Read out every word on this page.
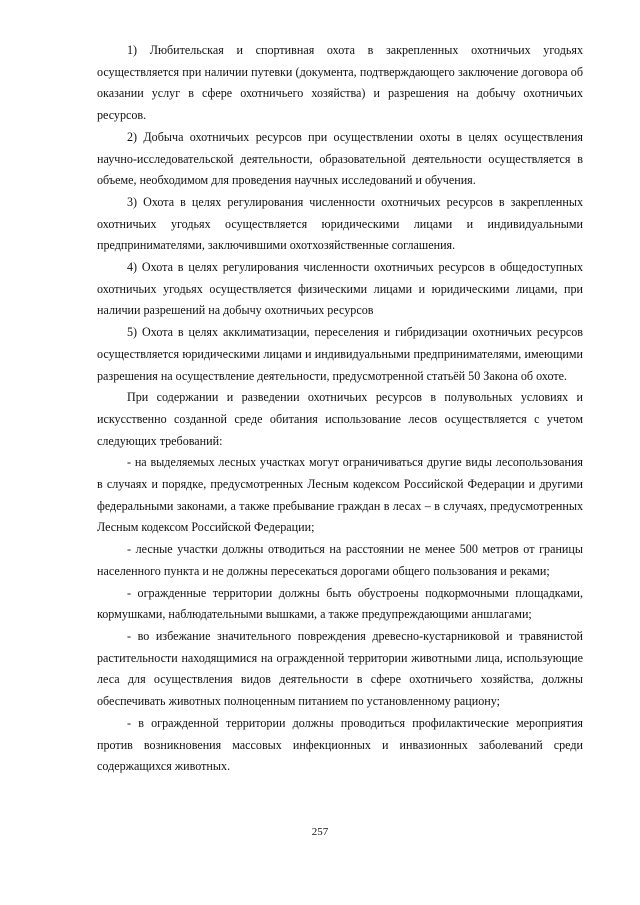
1) Любительская и спортивная охота в закрепленных охотничьих угодьях осуществляется при наличии путевки (документа, подтверждающего заключение договора об оказании услуг в сфере охотничьего хозяйства) и разрешения на добычу охотничьих ресурсов.

2) Добыча охотничьих ресурсов при осуществлении охоты в целях осуществления научно-исследовательской деятельности, образовательной деятельности осуществляется в объеме, необходимом для проведения научных исследований и обучения.

3) Охота в целях регулирования численности охотничьих ресурсов в закрепленных охотничьих угодьях осуществляется юридическими лицами и индивидуальными предпринимателями, заключившими охотхозяйственные соглашения.

4) Охота в целях регулирования численности охотничьих ресурсов в общедоступных охотничьих угодьях осуществляется физическими лицами и юридическими лицами, при наличии разрешений на добычу охотничьих ресурсов

5) Охота в целях акклиматизации, переселения и гибридизации охотничьих ресурсов осуществляется юридическими лицами и индивидуальными предпринимателями, имеющими разрешения на осуществление деятельности, предусмотренной статьёй 50 Закона об охоте.

При содержании и разведении охотничьих ресурсов в полувольных условиях и искусственно созданной среде обитания использование лесов осуществляется с учетом следующих требований:

- на выделяемых лесных участках могут ограничиваться другие виды лесопользования в случаях и порядке, предусмотренных Лесным кодексом Российской Федерации и другими федеральными законами, а также пребывание граждан в лесах – в случаях, предусмотренных Лесным кодексом Российской Федерации;

- лесные участки должны отводиться на расстоянии не менее 500 метров от границы населенного пункта и не должны пересекаться дорогами общего пользования и реками;

- огражденные территории должны быть обустроены подкормочными площадками, кормушками, наблюдательными вышками, а также предупреждающими аншлагами;

- во избежание значительного повреждения древесно-кустарниковой и травянистой растительности находящимися на огражденной территории животными лица, использующие леса для осуществления видов деятельности в сфере охотничьего хозяйства, должны обеспечивать животных полноценным питанием по установленному рациону;

- в огражденной территории должны проводиться профилактические мероприятия против возникновения массовых инфекционных и инвазионных заболеваний среди содержащихся животных.

257
